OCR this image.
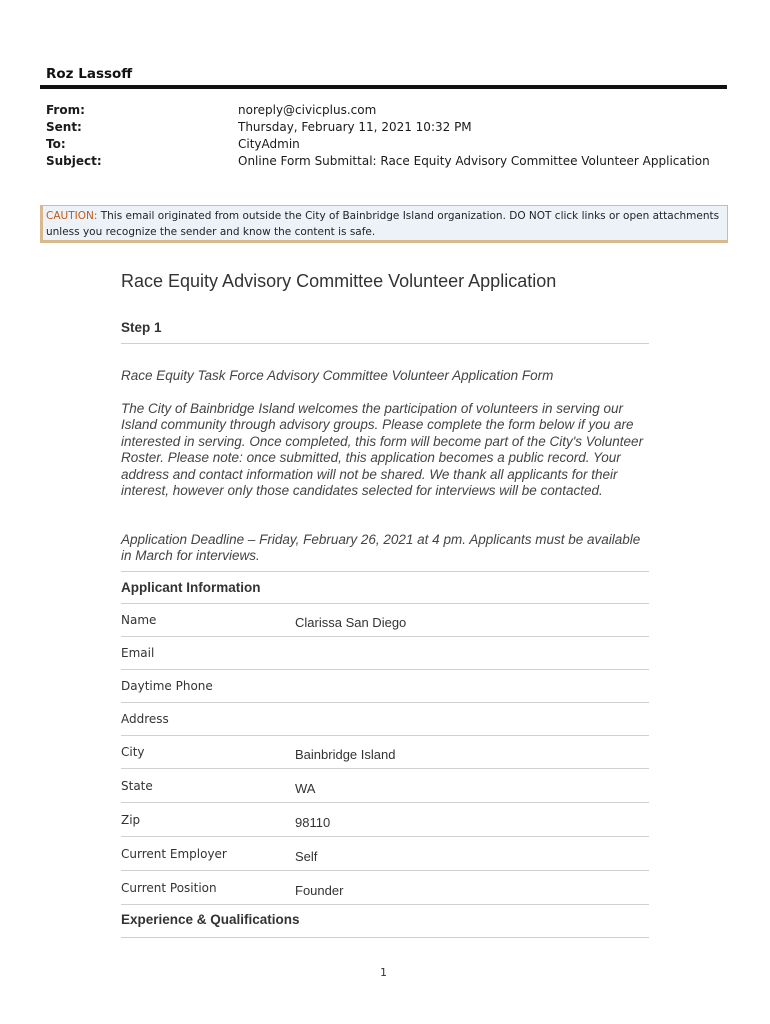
Roz Lassoff
From:	noreply@civicplus.com
Sent:	Thursday, February 11, 2021 10:32 PM
To:	CityAdmin
Subject:	Online Form Submittal: Race Equity Advisory Committee Volunteer Application
CAUTION: This email originated from outside the City of Bainbridge Island organization. DO NOT click links or open attachments
unless you recognize the sender and know the content is safe.
Race Equity Advisory Committee Volunteer Application
Step 1
Race Equity Task Force Advisory Committee Volunteer Application Form
The City of Bainbridge Island welcomes the participation of volunteers in serving our Island community through advisory groups. Please complete the form below if you are interested in serving. Once completed, this form will become part of the City's Volunteer Roster. Please note: once submitted, this application becomes a public record. Your address and contact information will not be shared. We thank all applicants for their interest, however only those candidates selected for interviews will be contacted.
Application Deadline – Friday, February 26, 2021 at 4 pm. Applicants must be available in March for interviews.
Applicant Information
Name	Clarissa San Diego
Email
Daytime Phone
Address
City	Bainbridge Island
State	WA
Zip	98110
Current Employer	Self
Current Position	Founder
Experience & Qualifications
1
